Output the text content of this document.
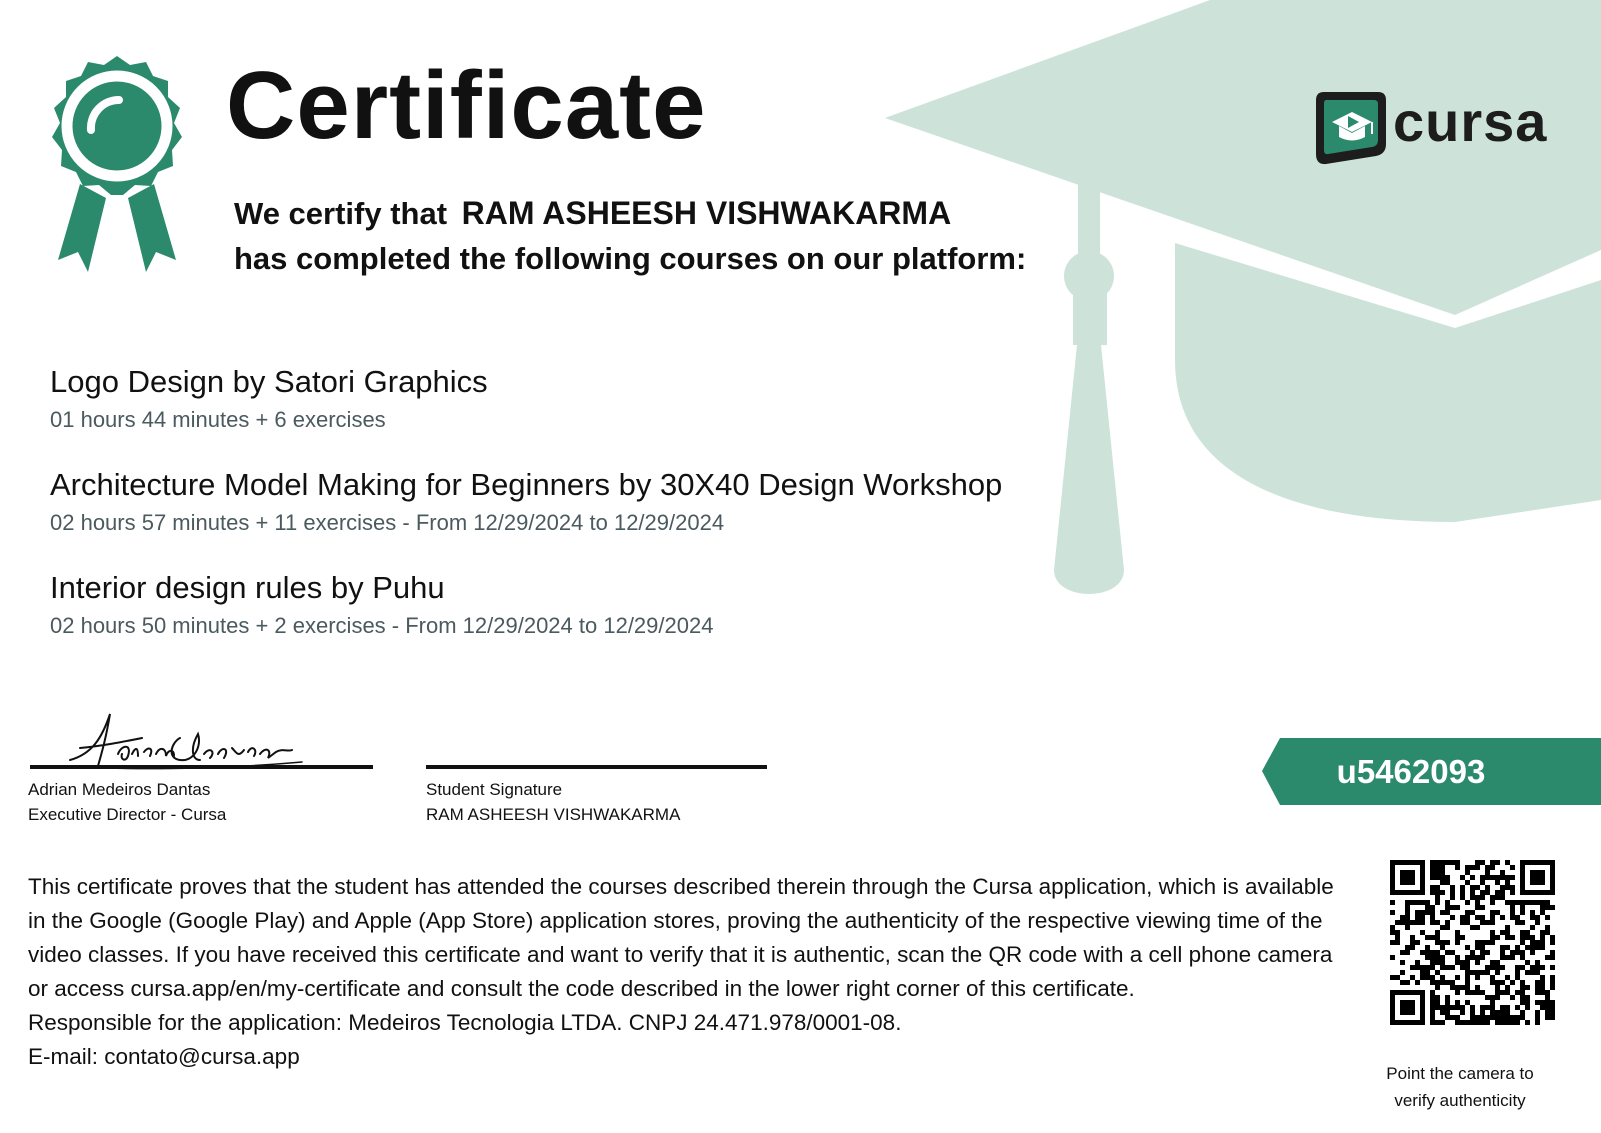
Certificate
We certify that RAM ASHEESH VISHWAKARMA
has completed the following courses on our platform:
cursa
Logo Design by Satori Graphics
01 hours 44 minutes + 6 exercises
Architecture Model Making for Beginners by 30X40 Design Workshop
02 hours 57 minutes + 11 exercises - From 12/29/2024 to 12/29/2024
Interior design rules by Puhu
02 hours 50 minutes + 2 exercises - From 12/29/2024 to 12/29/2024
Adrian Medeiros Dantas
Executive Director - Cursa
Student Signature
RAM ASHEESH VISHWAKARMA
u5462093
Point the camera to
verify authenticity

This certificate proves that the student has attended the courses described therein through the Cursa application, which is available in the Google (Google Play) and Apple (App Store) application stores, proving the authenticity of the respective viewing time of the video classes. If you have received this certificate and want to verify that it is authentic, scan the QR code with a cell phone camera or access cursa.app/en/my-certificate and consult the code described in the lower right corner of this certificate.

Responsible for the application: Medeiros Tecnologia LTDA. CNPJ 24.471.978/0001-08.

E-mail: contato@cursa.app
